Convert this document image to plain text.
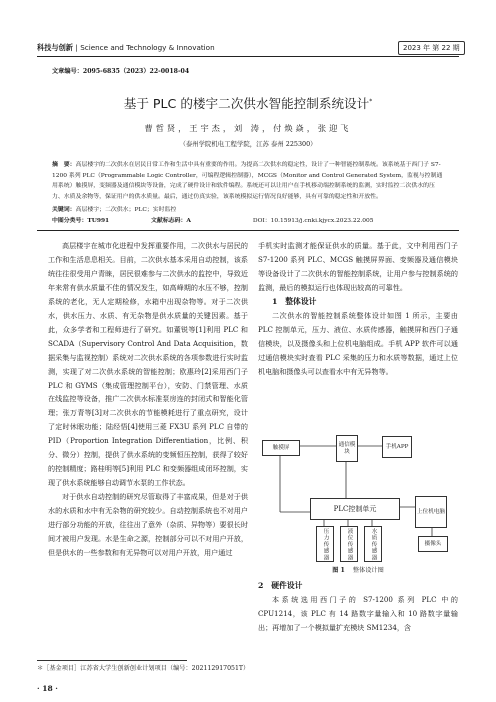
科技与创新 | Science and Technology & Innovation	2023 年 第 22 期
文章编号：2095-6835（2023）22-0018-04
基于 PLC 的楼宇二次供水智能控制系统设计*
曹哲贤，王宇杰，刘 涛，付焕焱，张迎飞
（泰州学院机电工程学院，江苏 泰州 225300）
摘　要：高层楼宇的二次供水在居民日常工作和生活中具有重要的作用。为提高二次供水的稳定性，设计了一种智能控制系统。该系统基于西门子 S7-1200 系列 PLC（Programmable Logic Controller，可编程逻辑控制器），MCGS（Monitor and Control Generated System，监视与控制通用系统）触摸屏，变频器及通信模块等设备，完成了硬件设计和软件编程。系统还可以让用户在手机移动端控制系统的监测，实时监控二次供水的压力、水质及余物等，保证用户的供水质量。最后，通过仿真实验，该系统模拟运行情况良好能够，具有可靠的稳定性和开放性。
关键词：高层楼宇；二次供水；PLC；实时监控
中图分类号：TU991	文献标志码：A	DOI：10.15913/j.cnki.kjycx.2023.22.005
高层楼宇在城市化进程中发挥重要作用，二次供水与居民的工作和生活息息相关。目前，二次供水基本采用自动控制，该系统往往很受用户青睐，居民很难参与二次供水的监控中，导致近年来常有供水质量不佳的情况发生，如高峰期的水压不够，控制系统的老化，无人定期检修，水箱中出现杂物等。对于二次供水，供水压力、水质、有无杂物是供水质量的关键因素。基于此，众多学者和工程师进行了研究。如董锐等[1]利用 PLC 和 SCADA（Supervisory Control And Data Acquisition，数据采集与监视控制）系统对二次供水系统的各项参数进行实时监测，实现了对二次供水系统的智能控制；欧惠玲[2]采用西门子 PLC 和 GYMS（集成管理控制平台），安防、门禁管理、水质在线监控等设备，推广二次供水标准泵房连的封闭式和智能化管理；张万青等[3]对二次供水的节能模耗进行了重点研究，设计了定时休眠功能；陆经悟[4]使用三菱 FX3U 系列 PLC 自带的 PID（Proportion Integration Differentiation，比例、积分、微分）控制，提供了供水系统的变频恒压控制，获得了较好的控制精度；路桂明等[5]利用 PLC 和变频器组成闭环控制，实现了供水系统能够自动调节水泵的工作状态。
对于供水自动控制的研究尽管取得了丰富成果，但是对于供水的水质和水中有无杂物的研究较少。自动控制系统也不对用户进行部分功能的开放，往往出了意外（杂质、异物等）要很长时间才被用户发现。水是生命之源，控制部分可以不对用户开放，但是供水的一些参数和有无异物可以对用户开放，用户通过
手机实时监测才能保证供水的质量。基于此，文中利用西门子 S7-1200 系列 PLC、MCGS 触摸屏界面、变频器及通信模块等设备设计了二次供水的智能控制系统，让用户参与控制系统的监测，最后的模拟运行也体现出较高的可靠性。
1　整体设计
二次供水的智能控制系统整体设计如图 1 所示，主要由 PLC 控制单元，压力、液位、水质传感器，触摸屏和西门子通信模块，以及摄像头和上位机电脑组成。手机 APP 软件可以通过通信模块实时查看 PLC 采集的压力和水质等数据，通过上位机电脑和摄像头可以查看水中有无异物等。
触摸屏	通信模块
手机APP
PLC控制单元	上位机电脑
压力传感器	液位传感器	水质传感器	摄像头
图 1 整体设计图
2　硬件设计
本系统选用西门子的 S7-1200 系列 PLC 中的 CPU1214，该 PLC 有 14 路数字量输入和 10 路数字量输出；再增加了一个模拟量扩充模块 SM1234，含
＊［基金项目］江苏省大学生创新创业计划项目（编号：202112917051T）
· 18 ·
